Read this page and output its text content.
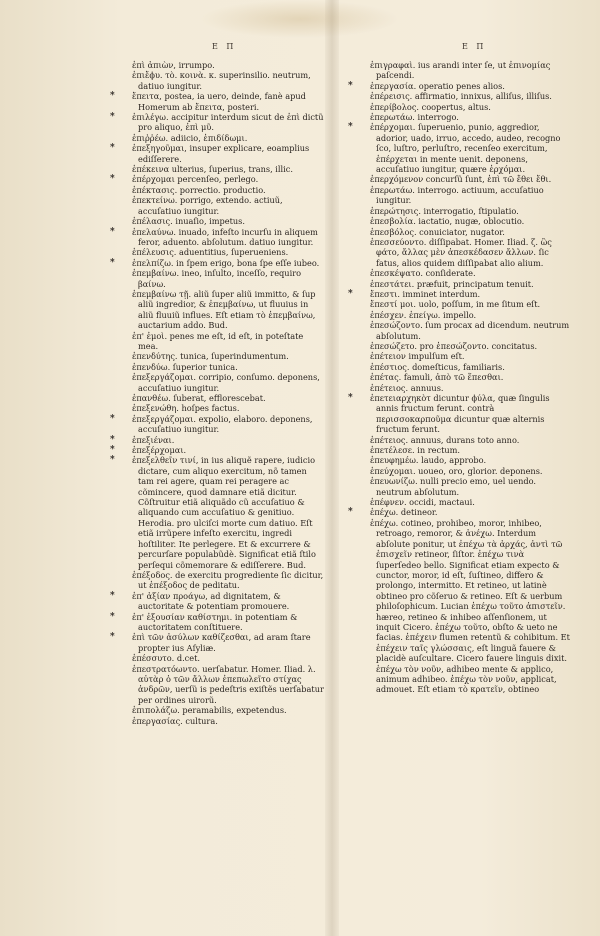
E Π	E Π

ἐπὶ ἀπιὼν, irrumpo.

ἐπιἔϕυ. τὸ. κοινὰ. κ. superinsilio. neutrum, datiuo iungitur.

* ἔπειτα, postea, ia uero, deinde, fanè apud Homerum ab ἔπειτα, posteri.

* ἐπιλέγω. accipitur interdum sicut de ἐπὶ dictũ pro aliquo, ἐπὶ μῦ.

ἐπιῤῥέω. adiicio, ἐπιδίδωμι.

* ἐπεξηγοῦμαι, insuper explicare, eoamplius ediſſerere.

ἐπέκεινα ulterius, ſuperius, trans, illic.

* ἐπέρχομαι percenſeo, perlego.

ἐπέκτασις. porrectio. productio.

ἐπεκτείνω. porrigo, extendo. actiuũ, accuſatiuo iungitur.

ἐπέλασις. inuaſio, impetus.

* ἐπελαύνω. inuado, infeſto incurſu in aliquem feror, aduento. abſolutum. datiuo iungitur.

ἐπέλευσις. aduentitius, ſuperueniens.

* ἐπελπίζω. in ſpem erigo, bona ſpe eſſe iubeo.

ἐπεμβαίνω. ineo, inſulto, inceſſo, requiro βαίνω.

ἐπεμβαίνω τῇ. aliũ ſuper aliũ immitto, & ſup aliũ ingredior, & ἐπεμβαίνω, ut fluuius in aliũ fluuiũ influes. Eſt etiam τὸ ἐπεμβαίνω, auctarium addo. Bud.

ἐπ' ἐμοὶ. penes me eſt, id eſt, in poteſtate mea.

ἐπενδύτης. tunica, ſuperindumentum.

ἐπενδύω. ſuperior tunica.

ἐπεξεργάζομαι. corripio, conſumo. deponens, accuſatiuo iungitur.

ἐπανθέω. ſuberat, efflorescebat.

ἐπεξενώθη. hoſpes factus.

* ἐπεξεργάζομαι. expolio, elaboro. deponens, accuſatiuo iungitur.

* ἐπεξιέναι.

* ἐπεξέρχομαι.

* ἐπεξελθεῖν τινί, in ius aliquẽ rapere, iudicio dictare, cum aliquo exercitum, nõ tamen tam rei agere, quam rei peragere ac cõmincere, quod damnare etiã dicitur. Cõſtruitur etiã aliquãdo cũ accuſatiuo & aliquando cum accuſatiuo & genitiuo. Herodia. pro ulciſci morte cum datiuo. Eſt etiã irrũpere infeſto exercitu, ingredi hoſtiliter. Ite perlegere. Et & excurrere & percurſare populabũdè. Significat etiã ſtilo perſequi cõmemorare & ediſſerere. Bud.

ἐπέξοδος. de exercitu progrediente ſic dicitur, ut ἐπέξοδος de peditatu.

* ἐπ' ἀξίαν προάγω, ad dignitatem, & auctoritate & potentiam promouere.

* ἐπ' ἐξουσίαν καθίστημι. in potentiam & auctoritatem conſtituere.

* ἐπὶ τῶν ἀσύλων καθίζεσθαι, ad aram ſtare propter ius Aſyliæ.

ἐπέσσυτο. d.cet.

ἐπεστρατόωντο. uerſabatur. Homer. Iliad. λ. αὐτὰρ ὁ τῶν ἄλλων ἐπεπωλεῖτο στίχας ἀνδρῶν, uerſũ is pedeſtris exiſtẽs uerſabatur per ordines uirorũ.

ἐπιπολάζω. peramabilis, expetendus.

ἐπεργασίας. cultura.

ἐπιγραφαὶ. ius arandi inter ſe, ut ἐπινομίας paſcendi.

* ἐπεργασία. operatio penes alios.

ἐπέρεισις. affirmatio, innixus, alliſus, illiſus.

ἐπερίβολος. coopertus, altus.

ἐπερωτάω. interrogo.

* ἐπέρχομαι. ſuperuenio, punio, aggredior, adorior, uado, irruo, accedo, audeo, recogno ſco, luſtro, perluſtro, recenſeo exercitum, ἐπέρχεται in mente uenit. deponens, accuſatiuo iungitur, quære ἐρχόμαι.

ἐπερχόμενον concurſũ ſunt, ἐπὶ τῶ ἔθει ἔθι.

ἐπερωτάω. interrogo. actiuum, accuſatiuo iungitur.

ἐπερώτησις. interrogatio, ſtipulatio.

ἐπεσβολία. iactatio, nugæ, oblocutio.

ἐπεσβόλος. conuiciator, nugator.

ἐπεσσεύοντο. diſſipabat. Homer. Iliad. ζ. ὣς φάτο, ἄλλας μὲν ἀπεσκέδασεν ἄλλων. ſic fatus, alios quidem diſſipabat alio alium.

ἐπεσκέψατο. conſiderate.

ἐπεστάτει. præfuit, principatum tenuit.

* ἔπεστι. imminet interdum.

ἔπεστί μοι. uolo, poſſum, in me ſitum eſt.

ἐπέσχεν. ἐπείγω. impello.

ἐπεσώζοντο. ſum procax ad dicendum. neutrum abſolutum.

ἐπεσώζετο. pro ἐπεσώζοντο. concitatus.

ἐπέτειον impulſum eſt.

ἐπέστιος. domeſticus, familiaris.

ἐπέτας. famuli, ἀπὸ τῶ ἕπεσθαι.

ἐπέτειος. annuus.

* ἐπετειαρχηκὸτ dicuntur ϕύλα, quæ ſingulis annis fructum ferunt. contrà περισσοκαρποῦμα dicuntur quæ alternis fructum ferunt.

ἐπέτειος. annuus, durans toto anno.

ἐπετέλεσε. in rectum.

ἐπευφημέω. laudo, approbo.

ἐπεύχομαι. uoueo, oro, glorior. deponens.

ἐπευωνίζω. nulli precio emo, uel uendo. neutrum abſolutum.

ἐπέφνεν. occidi, mactaui.

* ἐπέχω. detineor.

ἐπέχω. cotineo, prohibeo, moror, inhibeo, retroago, remoror, & ἀνέχω. Interdum abſolute ponitur, ut ἐπέχω τὰ ἀρχάς, ἀντὶ τῶ ἐπισχεῖν retineor, ſiſtor. ἐπέχω τινὰ ſuperſedeo bello. Significat etiam expecto & cunctor, moror, id eſt, ſuſtineo, differo & prolongo, intermitto. Et retineo, ut latinè obtineo pro cõſeruo & retineo. Eſt & uerbum philoſophicum. Lucian ἐπέχω τοῦτο ἀπιστεῖν. hæreo, retineo & inhibeo aſſenſionem, ut inquit Cicero. ἐπέχω τοῦτο, obſto & ueto ne facias. ἐπέχειν flumen retentũ & cohibitum. Et ἐπέχειν ταῖς γλώσσαις, eſt linguã fauere & placidè auſcultare. Cicero fauere linguis dixit. ἐπέχω τὸν νοῦν, adhibeo mente & applico, animum adhibeo. ἐπέχω τὸν νοῦν, applicat, admouet. Eſt etiam τὸ κρατεῖν, obtineo
